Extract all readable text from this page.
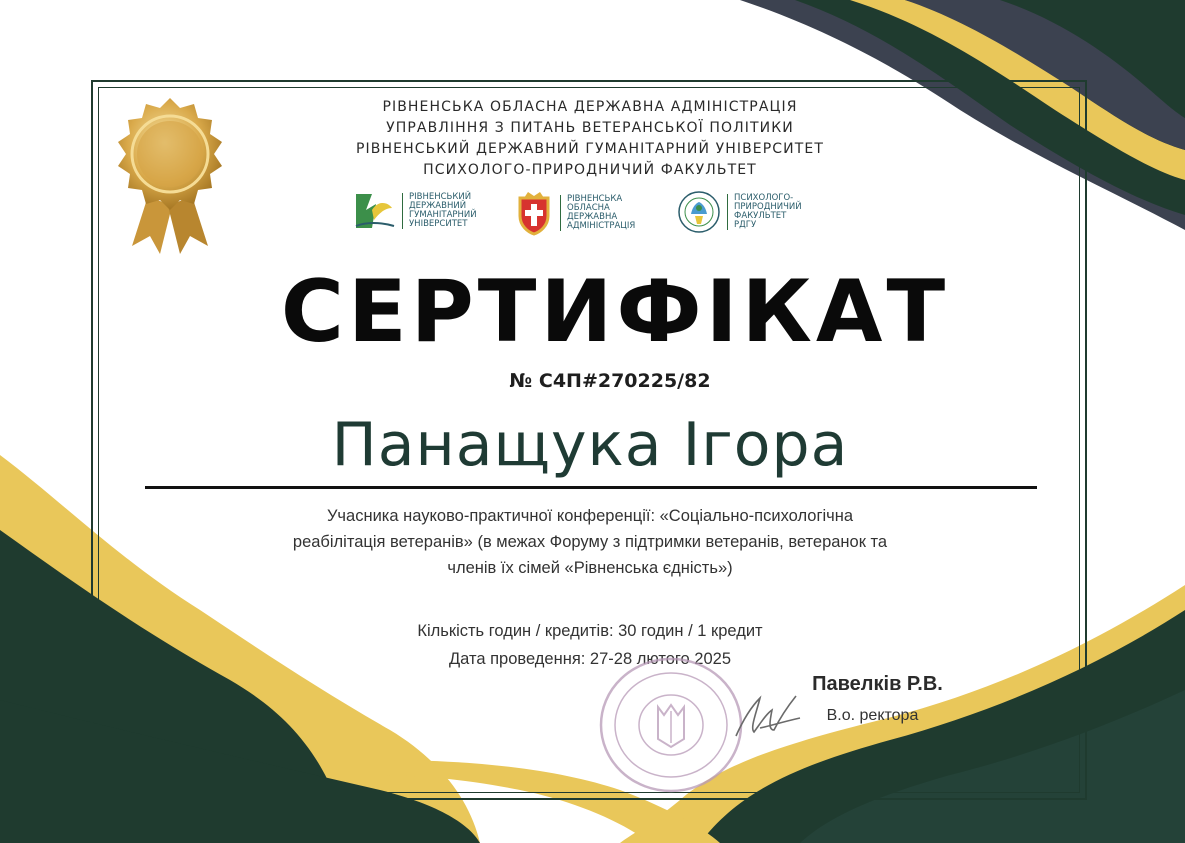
РІВНЕНСЬКА ОБЛАСНА ДЕРЖАВНА АДМІНІСТРАЦІЯ
УПРАВЛІННЯ З ПИТАНЬ ВЕТЕРАНСЬКОЇ ПОЛІТИКИ
РІВНЕНСЬКИЙ ДЕРЖАВНИЙ ГУМАНІТАРНИЙ УНІВЕРСИТЕТ
ПСИХОЛОГО-ПРИРОДНИЧИЙ ФАКУЛЬТЕТ
РІВНЕНСЬКИЙ
ДЕРЖАВНИЙ
ГУМАНІТАРНИЙ
УНІВЕРСИТЕТ
РІВНЕНСЬКА
ОБЛАСНА
ДЕРЖАВНА
АДМІНІСТРАЦІЯ
ПСИХОЛОГО-
ПРИРОДНИЧИЙ
ФАКУЛЬТЕТ
РДГУ
СЕРТИФІКАТ
№ С4П#270225/82
Панащука Ігора
Учасника науково-практичної конференції: «Соціально-психологічна
реабілітація ветеранів» (в межах Форуму з підтримки ветеранів, ветеранок та
членів їх сімей «Рівненська єдність»)
Кількість годин / кредитів: 30 годин / 1 кредит
Дата проведення: 27-28 лютого 2025
Павелків Р.В.
В.о. ректора
